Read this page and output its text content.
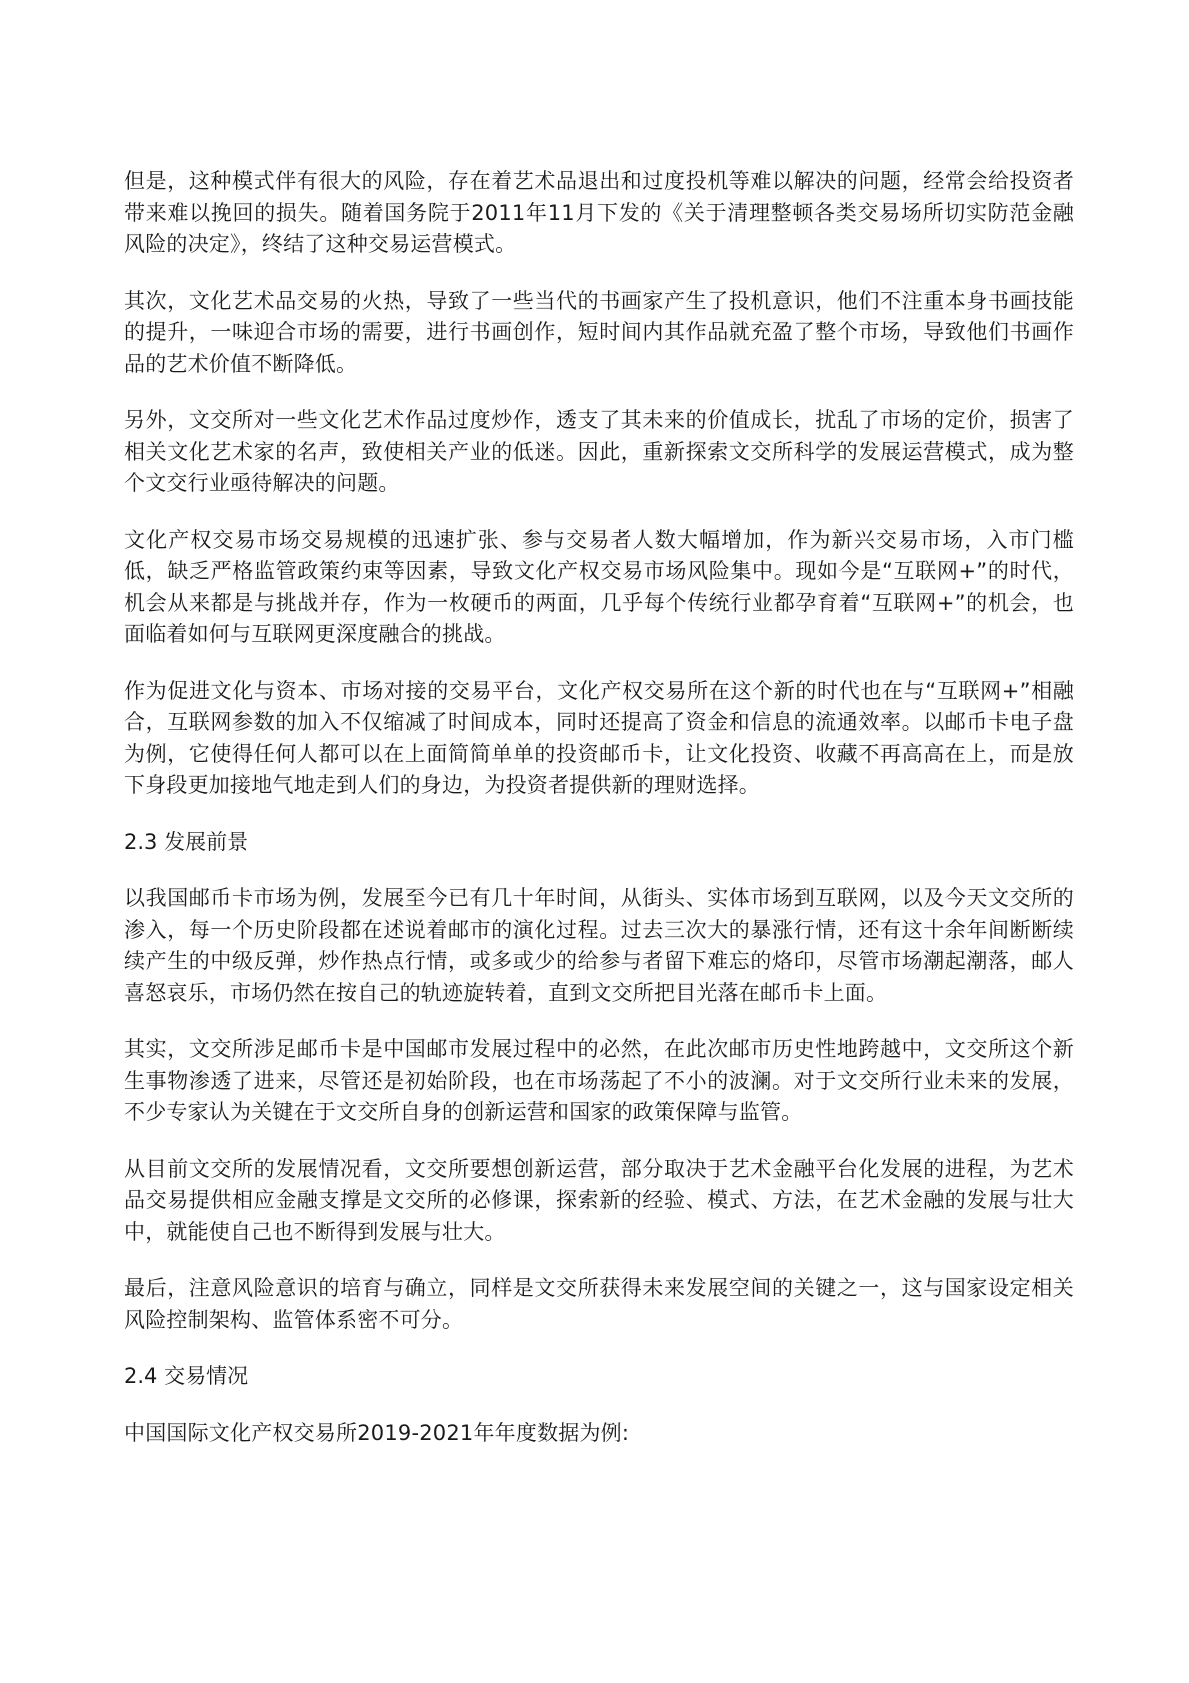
但是，这种模式伴有很大的风险，存在着艺术品退出和过度投机等难以解决的问题，经常会给投资者带来难以挽回的损失。随着国务院于2011年11月下发的《关于清理整顿各类交易场所切实防范金融风险的决定》，终结了这种交易运营模式。

其次，文化艺术品交易的火热，导致了一些当代的书画家产生了投机意识，他们不注重本身书画技能的提升，一味迎合市场的需要，进行书画创作，短时间内其作品就充盈了整个市场，导致他们书画作品的艺术价值不断降低。

另外，文交所对一些文化艺术作品过度炒作，透支了其未来的价值成长，扰乱了市场的定价，损害了相关文化艺术家的名声，致使相关产业的低迷。因此，重新探索文交所科学的发展运营模式，成为整个文交行业亟待解决的问题。

文化产权交易市场交易规模的迅速扩张、参与交易者人数大幅增加，作为新兴交易市场，入市门槛低，缺乏严格监管政策约束等因素，导致文化产权交易市场风险集中。现如今是“互联网+”的时代，机会从来都是与挑战并存，作为一枚硬币的两面，几乎每个传统行业都孕育着“互联网+”的机会，也面临着如何与互联网更深度融合的挑战。

作为促进文化与资本、市场对接的交易平台，文化产权交易所在这个新的时代也在与“互联网+”相融合，互联网参数的加入不仅缩减了时间成本，同时还提高了资金和信息的流通效率。以邮币卡电子盘为例，它使得任何人都可以在上面简简单单的投资邮币卡，让文化投资、收藏不再高高在上，而是放下身段更加接地气地走到人们的身边，为投资者提供新的理财选择。

2.3 发展前景

以我国邮币卡市场为例，发展至今已有几十年时间，从街头、实体市场到互联网，以及今天文交所的渗入，每一个历史阶段都在述说着邮市的演化过程。过去三次大的暴涨行情，还有这十余年间断断续续产生的中级反弹，炒作热点行情，或多或少的给参与者留下难忘的烙印，尽管市场潮起潮落，邮人喜怒哀乐，市场仍然在按自己的轨迹旋转着，直到文交所把目光落在邮币卡上面。

其实，文交所涉足邮币卡是中国邮市发展过程中的必然，在此次邮市历史性地跨越中，文交所这个新生事物渗透了进来，尽管还是初始阶段，也在市场荡起了不小的波澜。对于文交所行业未来的发展，不少专家认为关键在于文交所自身的创新运营和国家的政策保障与监管。

从目前文交所的发展情况看，文交所要想创新运营，部分取决于艺术金融平台化发展的进程，为艺术品交易提供相应金融支撑是文交所的必修课，探索新的经验、模式、方法，在艺术金融的发展与壮大中，就能使自己也不断得到发展与壮大。

最后，注意风险意识的培育与确立，同样是文交所获得未来发展空间的关键之一，这与国家设定相关风险控制架构、监管体系密不可分。

2.4 交易情况

中国国际文化产权交易所2019-2021年年度数据为例:
